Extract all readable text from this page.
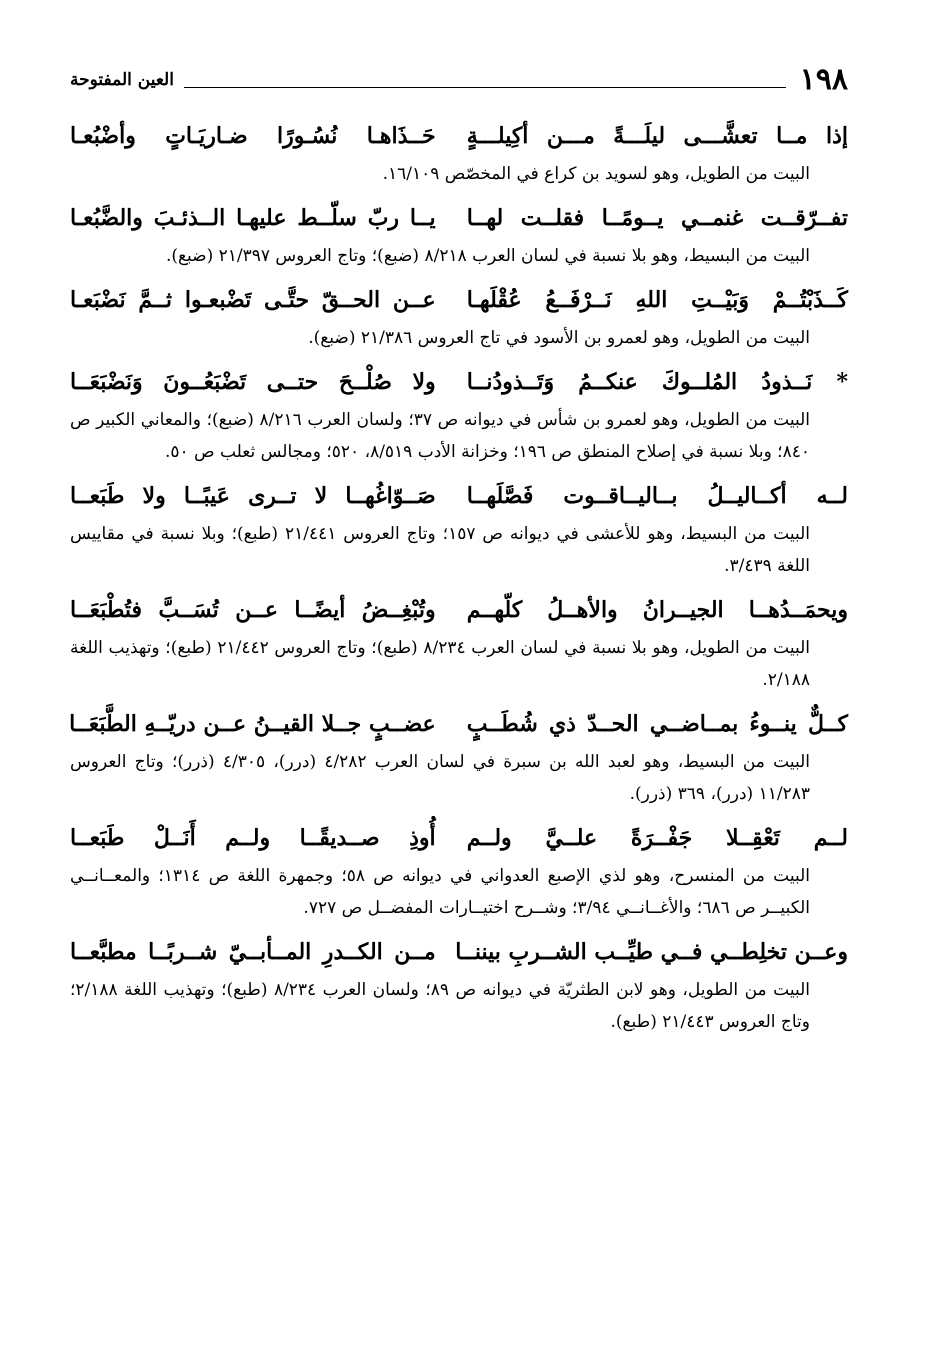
١٩٨
العين المفتوحة
إذا مــا تعشَّـــى ليلَـــةً مـــن أكِيلـــةٍ
حَــذَاهـا نُسُـورًا ضـاريَـاتٍ وأضْبُعـا
البيت من الطويل، وهو لسويد بن كراع في المخصّص ١٦/١٠٩.
تفــرّقــت غنمــي يــومًــا فقلــت لهــا
يــا ربّ سلّــط عليهـا الــذئـبَ والضَّبُعـا
البيت من البسيط، وهو بلا نسبة في لسان العرب ٨/٢١٨ (ضبع)؛ وتاج العروس ٢١/٣٩٧ (ضبع).
كَــذَبْتُــمْ وَبَيْــتِ اللهِ نَــرْفَــعُ عُقْلَهـا
عــن الحــقّ حتَّـى تَضْبعـوا ثــمَّ نَضْبَعـا
البيت من الطويل، وهو لعمرو بن الأسود في تاج العروس ٢١/٣٨٦ (ضبع).
* نَــذودُ المُلــوكَ عنكــمُ وَتَــذودُنــا
ولا صُلْــحَ حتــى تَضْبَعُــونَ وَنَضْبَعَــا
البيت من الطويل، وهو لعمرو بن شأس في ديوانه ص ٣٧؛ ولسان العرب ٨/٢١٦ (ضبع)؛ والمعاني الكبير ص ٨٤٠؛ وبلا نسبة في إصلاح المنطق ص ١٩٦؛ وخزانة الأدب ٨/٥١٩، ٥٢٠؛ ومجالس ثعلب ص ٥٠.
لــه أكــاليــلُ بــاليــاقــوت فَصَّلَهــا
صَــوّاغُهــا لا تــرى عَيبًــا ولا طَبَعــا
البيت من البسيط، وهو للأعشى في ديوانه ص ١٥٧؛ وتاج العروس ٢١/٤٤١ (طبع)؛ وبلا نسبة في مقاييس اللغة ٣/٤٣٩.
ويحمَــدُهــا الجيــرانُ والأهــلُ كلّهــم
وتُبْغِــضُ أيضًــا عــن تُسَــبَّ فتُطْبَعَــا
البيت من الطويل، وهو بلا نسبة في لسان العرب ٨/٢٣٤ (طبع)؛ وتاج العروس ٢١/٤٤٢ (طبع)؛ وتهذيب اللغة ٢/١٨٨.
كــلٌّ ينــوءُ بمــاضــي الحــدّ ذي شُطَــبٍ
عضــبٍ جــلا القيــنُ عــن دريّــهِ الطَّبَعَــا
البيت من البسيط، وهو لعبد الله بن سبرة في لسان العرب ٤/٢٨٢ (درر)، ٤/٣٠٥ (ذرر)؛ وتاج العروس ١١/٢٨٣ (درر)، ٣٦٩ (ذرر).
لــم تَعْقِــلا جَفْــرَةً علــيَّ ولــم
أُوذِ صــديقًــا ولــم أَنَــلْ طَبَعــا
البيت من المنسرح، وهو لذي الإصبع العدواني في ديوانه ص ٥٨؛ وجمهرة اللغة ص ١٣١٤؛ والمعــانــي الكبيــر ص ٦٨٦؛ والأغــانــي ٣/٩٤؛ وشــرح اختيــارات المفضــل ص ٧٢٧.
وعــن تخلِطــي فــي طيِّــب الشــربِ بيننــا
مــن الكــدرِ المــأبــيّ شــربًــا مطبَّعــا
البيت من الطويل، وهو لابن الطثريّة في ديوانه ص ٨٩؛ ولسان العرب ٨/٢٣٤ (طبع)؛ وتهذيب اللغة ٢/١٨٨؛ وتاج العروس ٢١/٤٤٣ (طبع).
